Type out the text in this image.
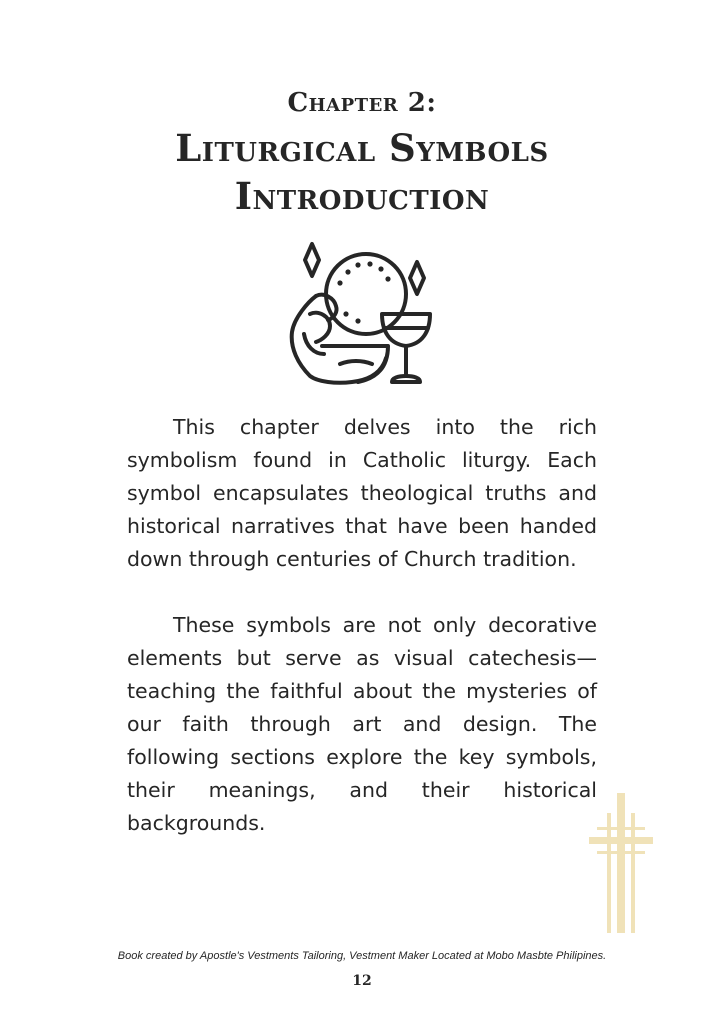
Chapter 2:
Liturgical Symbols
Introduction

This chapter delves into the rich symbolism found in Catholic liturgy. Each symbol encapsulates theological truths and historical narratives that have been handed down through centuries of Church tradition.

These symbols are not only decorative elements but serve as visual catechesis—teaching the faithful about the mysteries of our faith through art and design. The following sections explore the key symbols, their meanings, and their historical backgrounds.

Book created by Apostle's Vestments Tailoring, Vestment Maker Located at Mobo Masbte Philipines.
12
